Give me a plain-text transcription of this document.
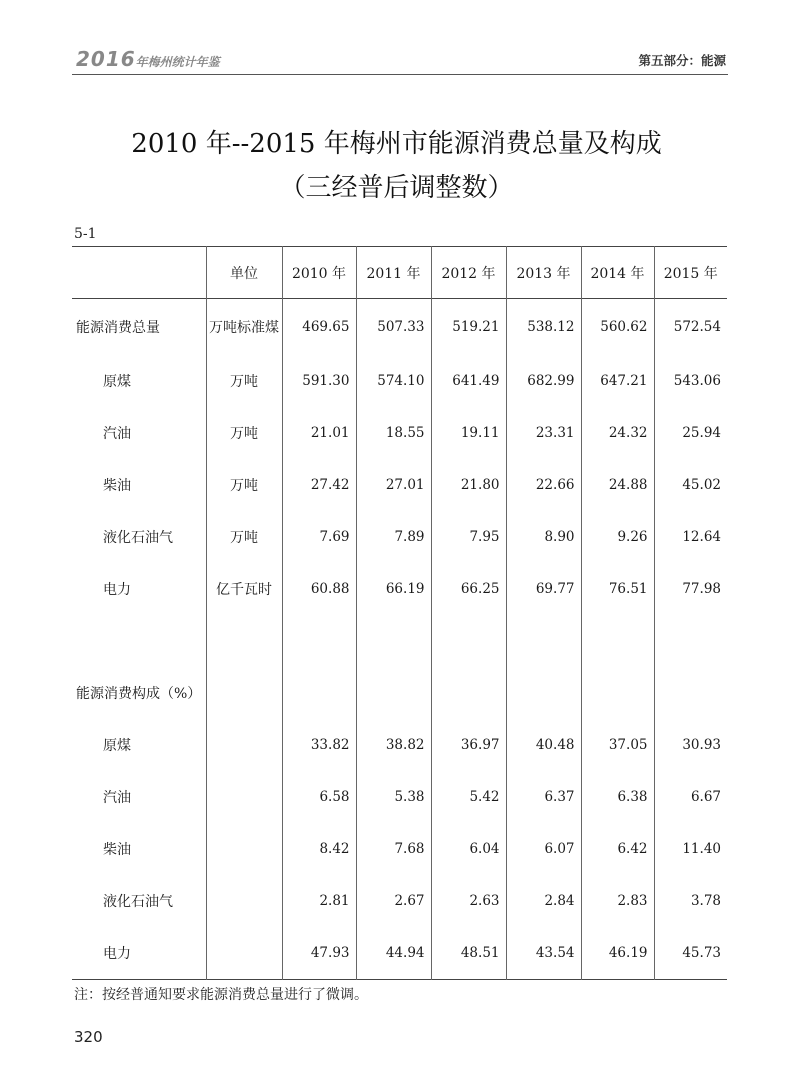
2016年梅州统计年鉴	第五部分：能源
2010 年--2015 年梅州市能源消费总量及构成
（三经普后调整数）
5-1
	单位	2010 年	2011 年	2012 年	2013 年	2014 年	2015 年
能源消费总量	万吨标准煤	469.65	507.33	519.21	538.12	560.62	572.54
原煤	万吨	591.30	574.10	641.49	682.99	647.21	543.06
汽油	万吨	21.01	18.55	19.11	23.31	24.32	25.94
柴油	万吨	27.42	27.01	21.80	22.66	24.88	45.02
液化石油气	万吨	7.69	7.89	7.95	8.90	9.26	12.64
电力	亿千瓦时	60.88	66.19	66.25	69.77	76.51	77.98

能源消费构成（%）							
原煤		33.82	38.82	36.97	40.48	37.05	30.93
汽油		6.58	5.38	5.42	6.37	6.38	6.67
柴油		8.42	7.68	6.04	6.07	6.42	11.40
液化石油气		2.81	2.67	2.63	2.84	2.83	3.78
电力		47.93	44.94	48.51	43.54	46.19	45.73
注：按经普通知要求能源消费总量进行了微调。
320
